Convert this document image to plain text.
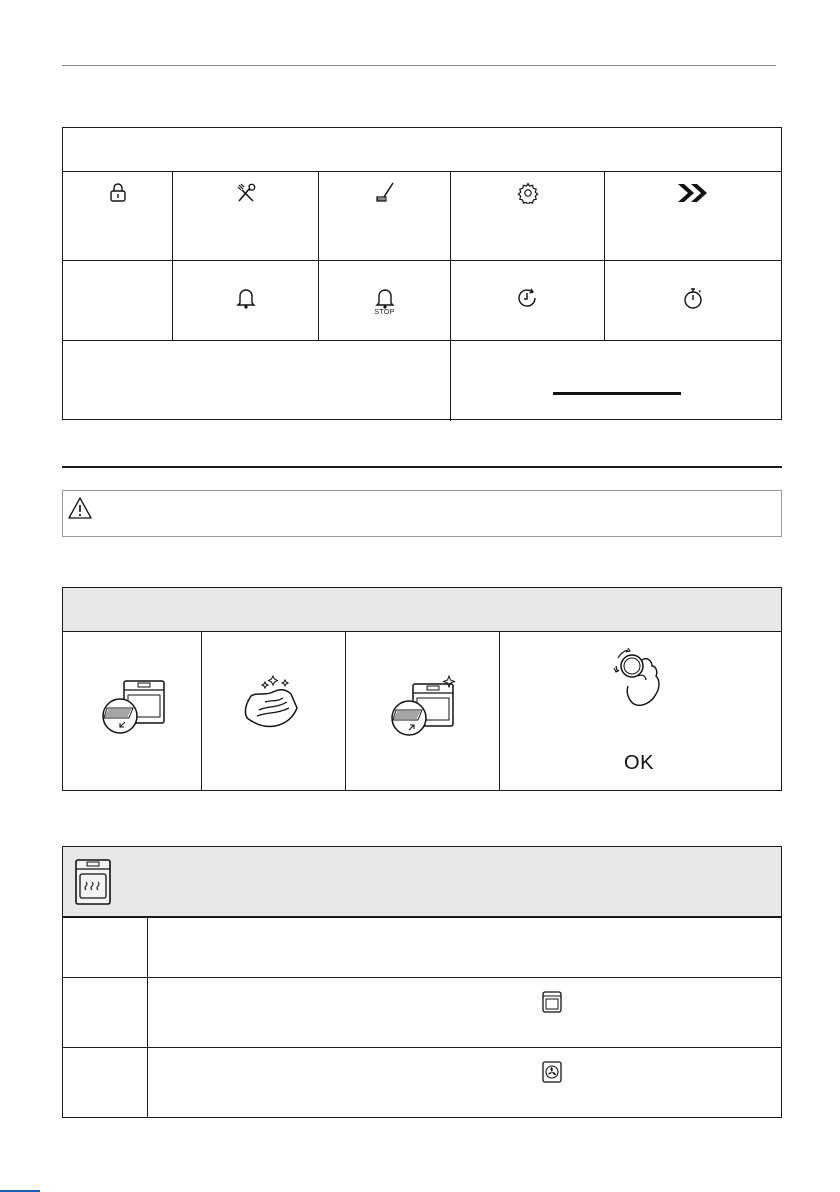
STOP
OK
